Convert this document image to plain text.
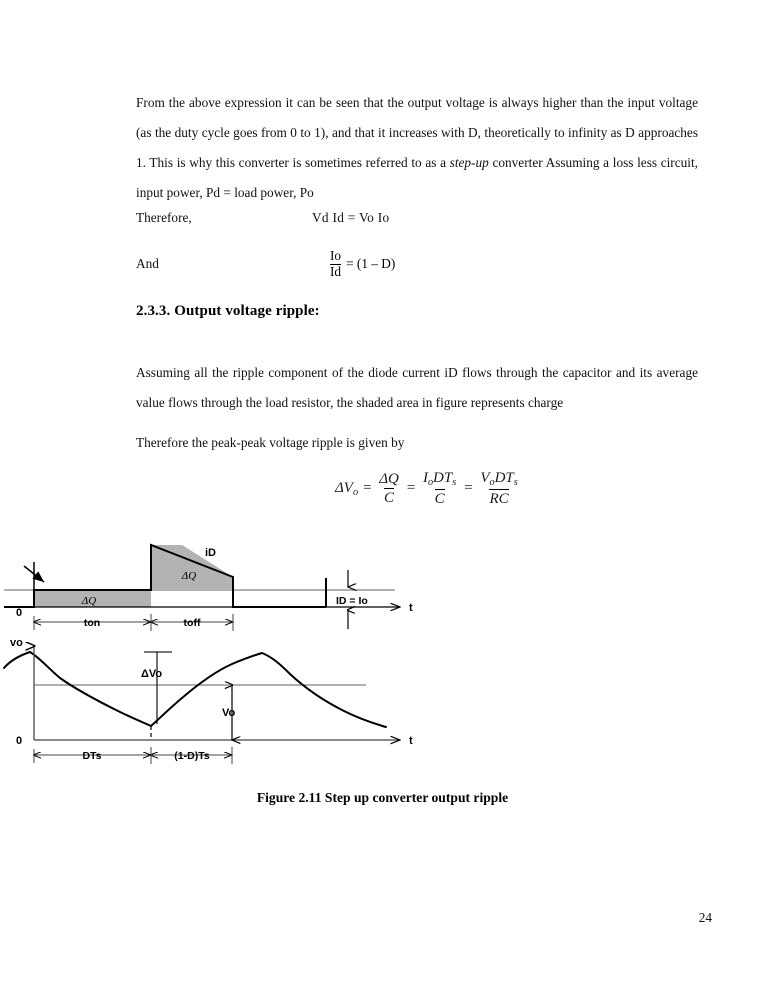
From the above expression it can be seen that the output voltage is always higher than the input voltage (as the duty cycle goes from 0 to 1), and that it increases with D, theoretically to infinity as D approaches 1. This is why this converter is sometimes referred to as a step-up converter Assuming a loss less circuit, input power, Pd = load power, Po
Therefore,	Vd Id = Vo Io
And	$\frac{Io}{Id} = (1 - D)$
2.3.3. Output voltage ripple:
Assuming all the ripple component of the diode current iD flows through the capacitor and its average value flows through the load resistor, the shaded area in figure represents charge
Therefore the peak-peak voltage ripple is given by
$\Delta V_o = \frac{\Delta Q}{C} = \frac{I_oDT_s}{C} = \frac{V_oDT_s}{RC}$
iD
ΔQ
ΔQ
0	t
ID = Io
ton	toff
ΔVo
Vo
vo
0	t
DTs	(1-D)Ts
Figure 2.11 Step up converter output ripple
24
